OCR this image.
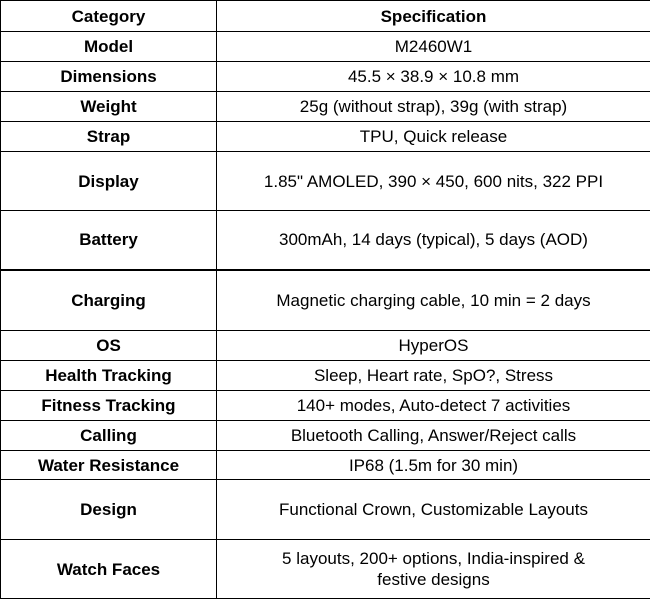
Category	Specification
Model	M2460W1
Dimensions	45.5 × 38.9 × 10.8 mm
Weight	25g (without strap), 39g (with strap)
Strap	TPU, Quick release
Display	1.85" AMOLED, 390 × 450, 600 nits, 322 PPI
Battery	300mAh, 14 days (typical), 5 days (AOD)
Charging	Magnetic charging cable, 10 min = 2 days
OS	HyperOS
Health Tracking	Sleep, Heart rate, SpO?, Stress
Fitness Tracking	140+ modes, Auto-detect 7 activities
Calling	Bluetooth Calling, Answer/Reject calls
Water Resistance	IP68 (1.5m for 30 min)
Design	Functional Crown, Customizable Layouts
Watch Faces	5 layouts, 200+ options, India-inspired & festive designs
